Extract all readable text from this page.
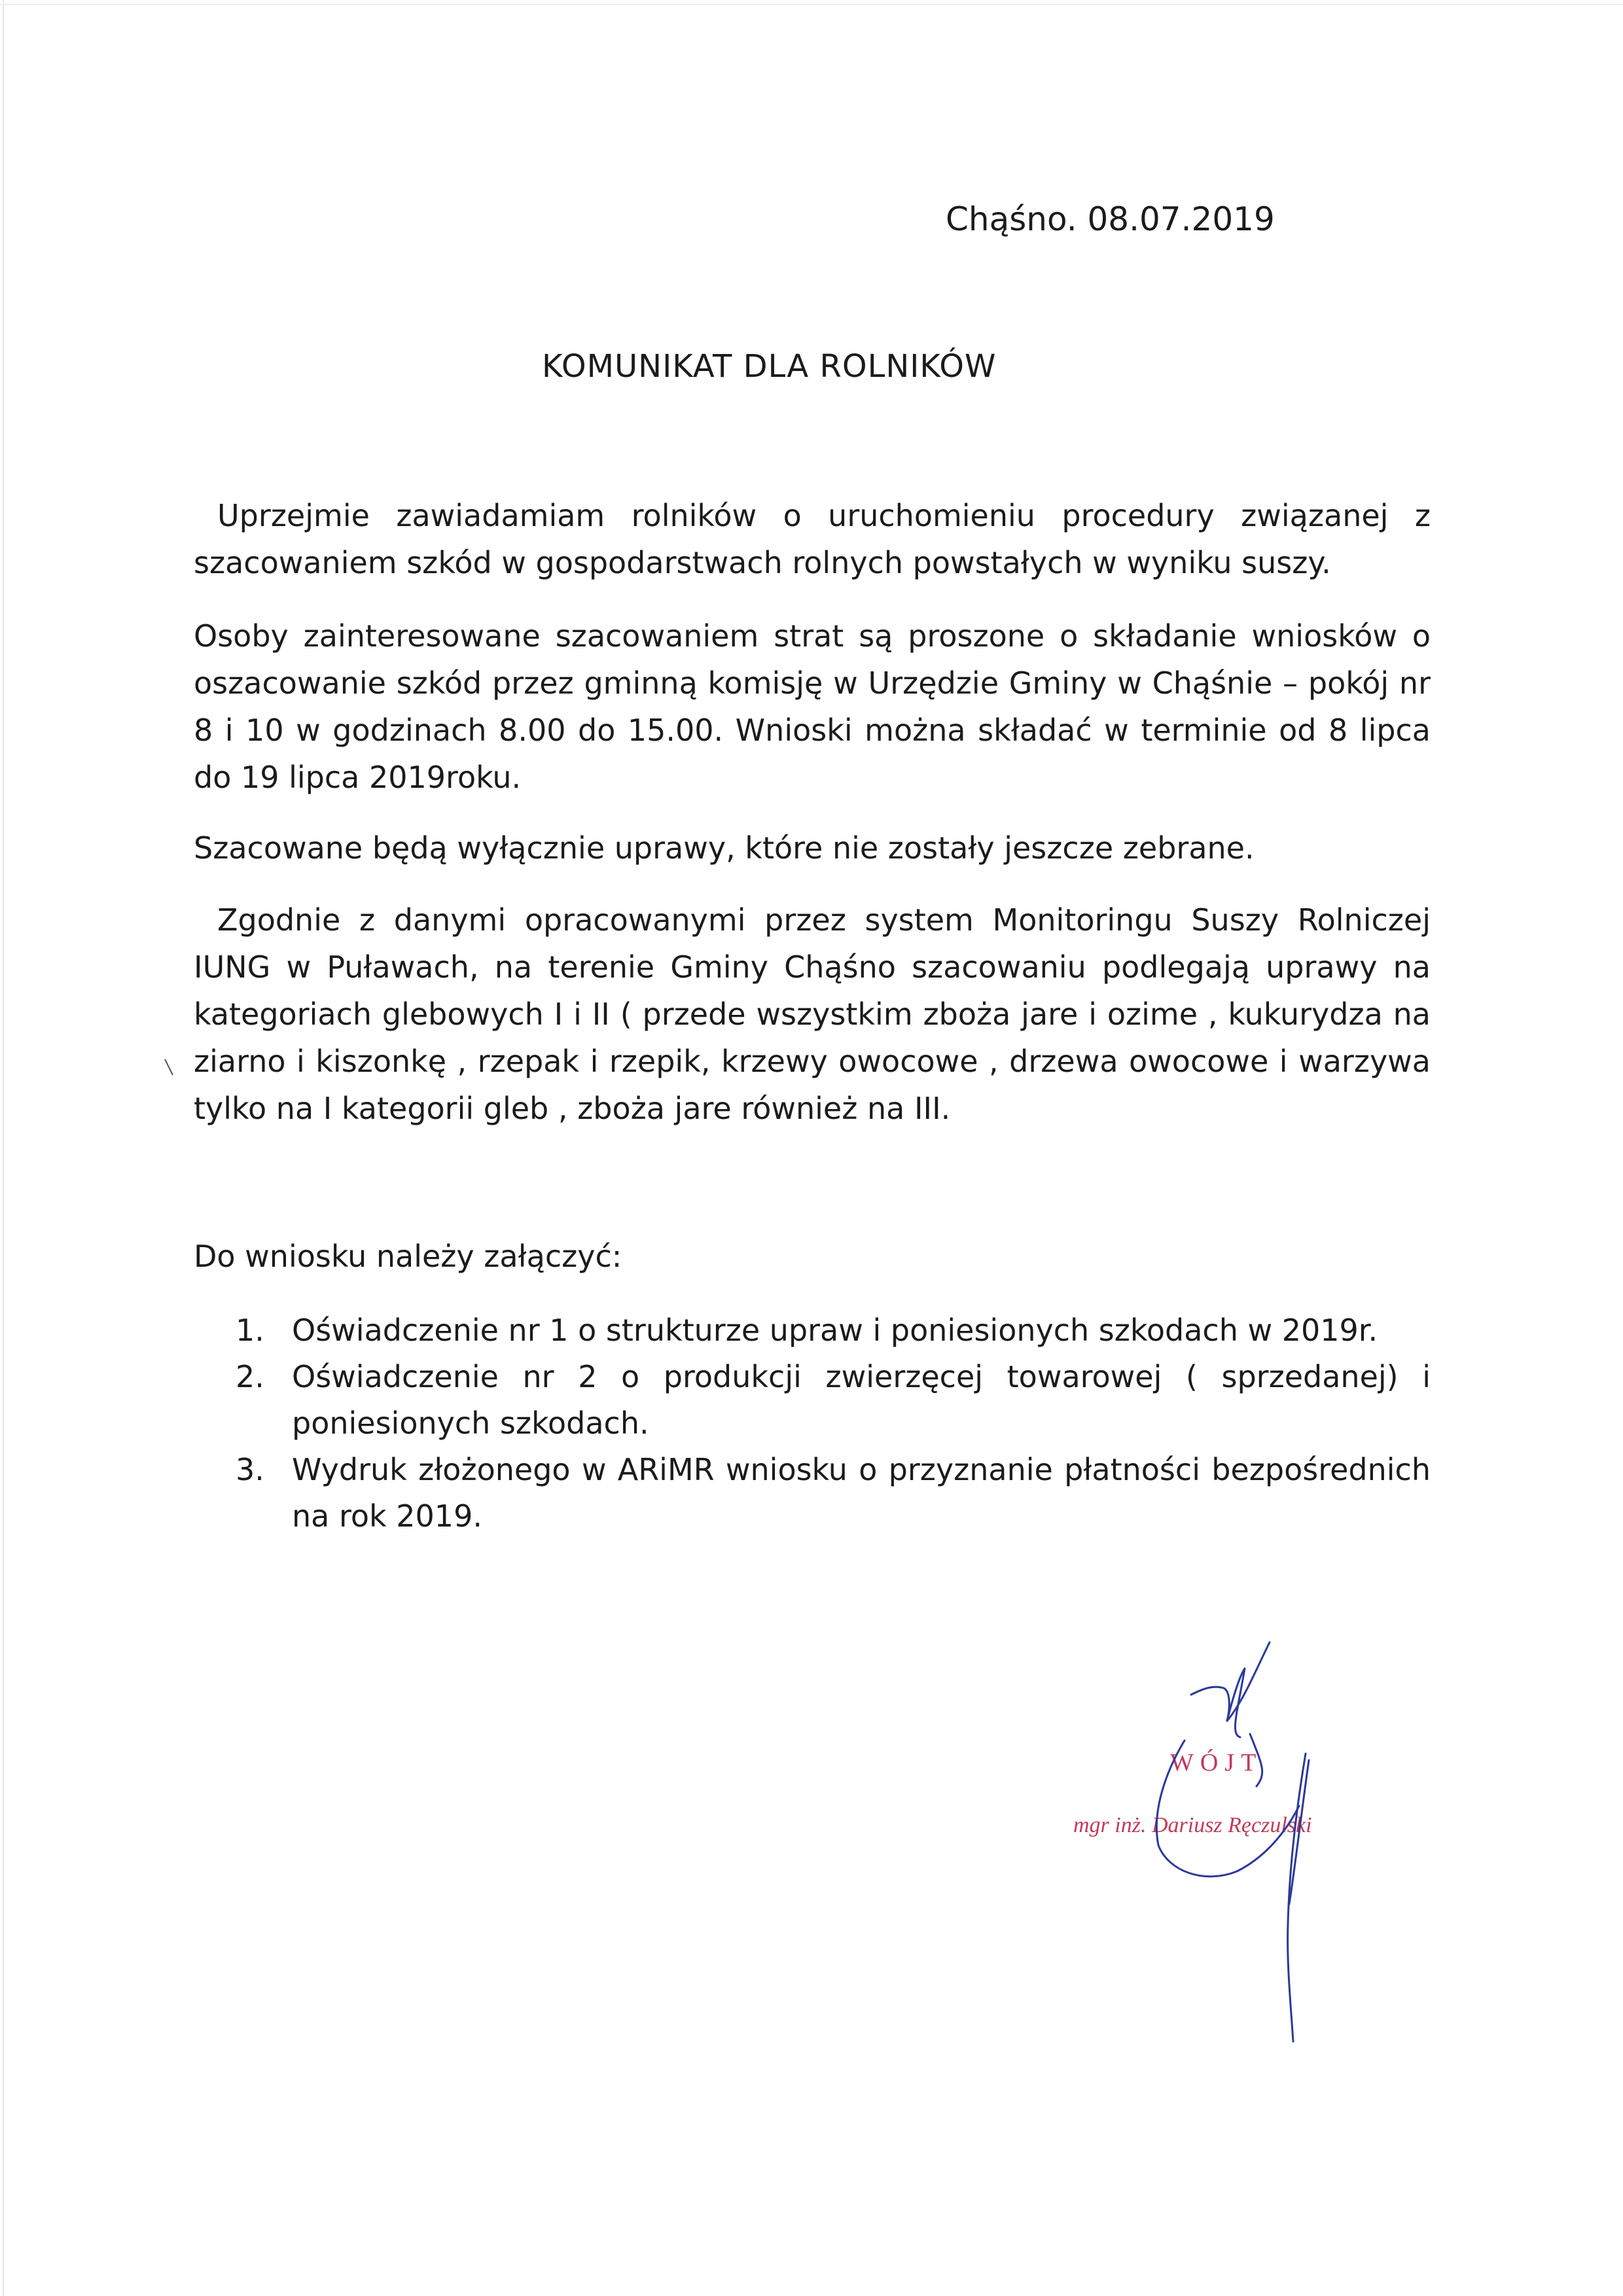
Chąśno. 08.07.2019
KOMUNIKAT DLA ROLNIKÓW
Uprzejmie zawiadamiam rolników o uruchomieniu procedury związanej z szacowaniem szkód w gospodarstwach rolnych powstałych w wyniku suszy.
Osoby zainteresowane szacowaniem strat są proszone o składanie wniosków o oszacowanie szkód przez gminną komisję w Urzędzie Gminy w Chąśnie – pokój nr 8 i 10 w godzinach 8.00 do 15.00. Wnioski można składać w terminie od 8 lipca do 19 lipca 2019roku.
Szacowane będą wyłącznie uprawy, które nie zostały jeszcze zebrane.
Zgodnie z danymi opracowanymi przez system Monitoringu Suszy Rolniczej IUNG w Puławach, na terenie Gminy Chąśno szacowaniu podlegają uprawy na kategoriach glebowych I i II ( przede wszystkim zboża jare i ozime , kukurydza na ziarno i kiszonkę , rzepak i rzepik, krzewy owocowe , drzewa owocowe i warzywa tylko na I kategorii gleb , zboża jare również na III.
Do wniosku należy załączyć:
1. Oświadczenie nr 1 o strukturze upraw i poniesionych szkodach w 2019r.
2. Oświadczenie nr 2 o produkcji zwierzęcej towarowej ( sprzedanej) i poniesionych szkodach.
3. Wydruk złożonego w ARiMR wniosku o przyznanie płatności bezpośrednich na rok 2019.
WÓJT
mgr inż. Dariusz Ręczulski
